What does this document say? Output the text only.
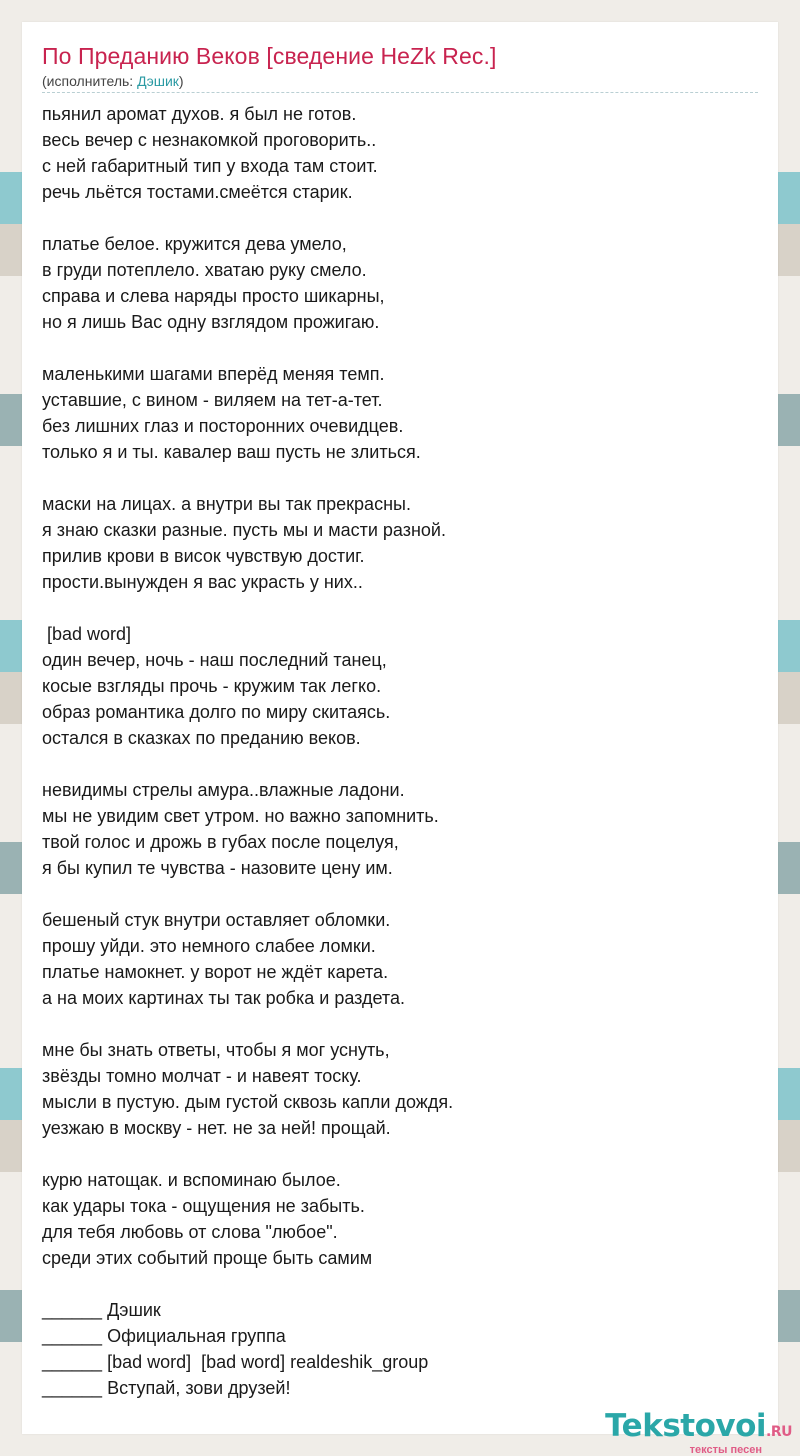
По Преданию Веков [сведение HeZk Rec.]
(исполнитель: Дэшик)
пьянил аромат духов. я был не готов.
весь вечер с незнакомкой проговорить..
с ней габаритный тип у входа там стоит.
речь льётся тостами.смеётся старик.
платье белое. кружится дева умело,
в груди потеплело. хватаю руку смело.
справа и слева наряды просто шикарны,
но я лишь Вас одну взглядом прожигаю.
маленькими шагами вперёд меняя темп.
уставшие, с вином - виляем на тет-а-тет.
без лишних глаз и посторонних очевидцев.
только я и ты. кавалер ваш пусть не злиться.
маски на лицах. а внутри вы так прекрасны.
я знаю сказки разные. пусть мы и масти разной.
прилив крови в висок чувствую достиг.
прости.вынужден я вас украсть у них..
[bad word]
один вечер, ночь - наш последний танец,
косые взгляды прочь - кружим так легко.
образ романтика долго по миру скитаясь.
остался в сказках по преданию веков.
невидимы стрелы амура..влажные ладони.
мы не увидим свет утром. но важно запомнить.
твой голос и дрожь в губах после поцелуя,
я бы купил те чувства - назовите цену им.
бешеный стук внутри оставляет обломки.
прошу уйди. это немного слабее ломки.
платье намокнет. у ворот не ждёт карета.
а на моих картинах ты так робка и раздета.
мне бы знать ответы, чтобы я мог уснуть,
звёзды томно молчат - и навеят тоску.
мысли в пустую. дым густой сквозь капли дождя.
уезжаю в москву - нет. не за ней! прощай.
курю натощак. и вспоминаю былое.
как удары тока - ощущения не забыть.
для тебя любовь от слова "любое".
среди этих событий проще быть самим
______ Дэшик
______ Официальная группа
______ [bad word]  [bad word] realdeshik_group
______ Вступай, зови друзей!
Tekstovoi.RU
тексты песен
